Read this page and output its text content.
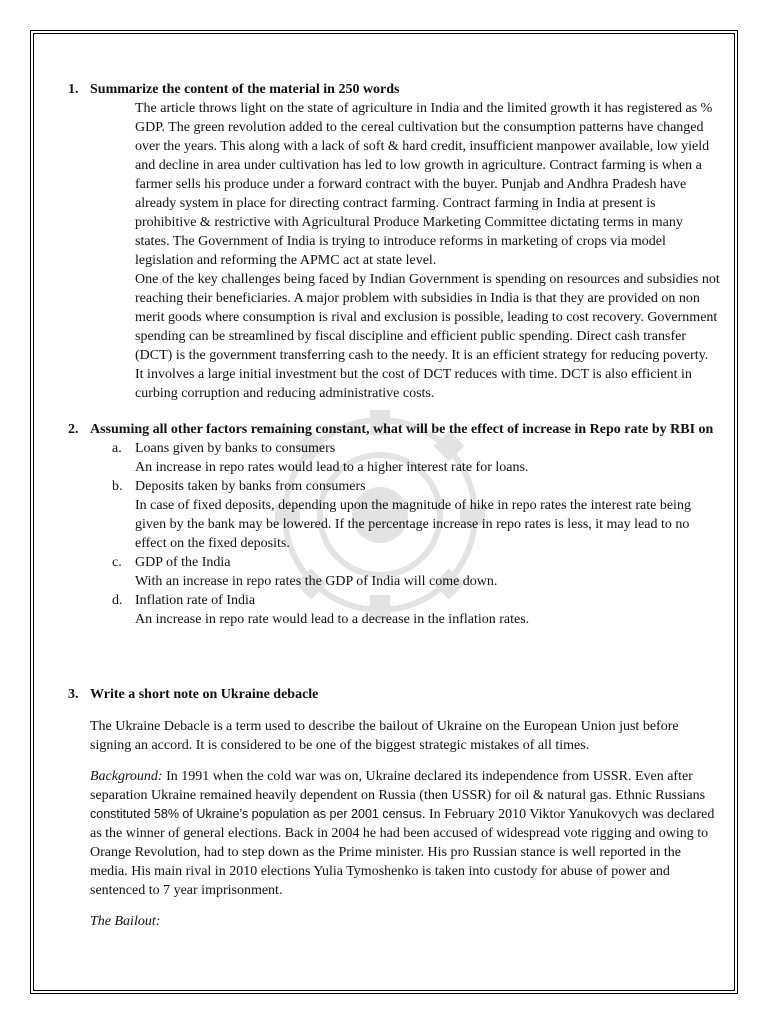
1. Summarize the content of the material in 250 words

The article throws light on the state of agriculture in India and the limited growth it has registered as % GDP. The green revolution added to the cereal cultivation but the consumption patterns have changed over the years. This along with a lack of soft & hard credit, insufficient manpower available, low yield and decline in area under cultivation has led to low growth in agriculture. Contract farming is when a farmer sells his produce under a forward contract with the buyer. Punjab and Andhra Pradesh have already system in place for directing contract farming. Contract farming in India at present is prohibitive & restrictive with Agricultural Produce Marketing Committee dictating terms in many states. The Government of India is trying to introduce reforms in marketing of crops via model legislation and reforming the APMC act at state level.

One of the key challenges being faced by Indian Government is spending on resources and subsidies not reaching their beneficiaries. A major problem with subsidies in India is that they are provided on non merit goods where consumption is rival and exclusion is possible, leading to cost recovery. Government spending can be streamlined by fiscal discipline and efficient public spending. Direct cash transfer (DCT) is the government transferring cash to the needy. It is an efficient strategy for reducing poverty. It involves a large initial investment but the cost of DCT reduces with time. DCT is also efficient in curbing corruption and reducing administrative costs.

2. Assuming all other factors remaining constant, what will be the effect of increase in Repo rate by RBI on
a. Loans given by banks to consumers

An increase in repo rates would lead to a higher interest rate for loans.

b. Deposits taken by banks from consumers

In case of fixed deposits, depending upon the magnitude of hike in repo rates the interest rate being given by the bank may be lowered. If the percentage increase in repo rates is less, it may lead to no effect on the fixed deposits.

c. GDP of the India

With an increase in repo rates the GDP of India will come down.

d. Inflation rate of India

An increase in repo rate would lead to a decrease in the inflation rates.

3. Write a short note on Ukraine debacle

The Ukraine Debacle is a term used to describe the bailout of Ukraine on the European Union just before signing an accord. It is considered to be one of the biggest strategic mistakes of all times.

Background: In 1991 when the cold war was on, Ukraine declared its independence from USSR. Even after separation Ukraine remained heavily dependent on Russia (then USSR) for oil & natural gas. Ethnic Russians constituted 58% of Ukraine’s population as per 2001 census. In February 2010 Viktor Yanukovych was declared as the winner of general elections. Back in 2004 he had been accused of widespread vote rigging and owing to Orange Revolution, had to step down as the Prime minister. His pro Russian stance is well reported in the media. His main rival in 2010 elections Yulia Tymoshenko is taken into custody for abuse of power and sentenced to 7 year imprisonment.

The Bailout:
